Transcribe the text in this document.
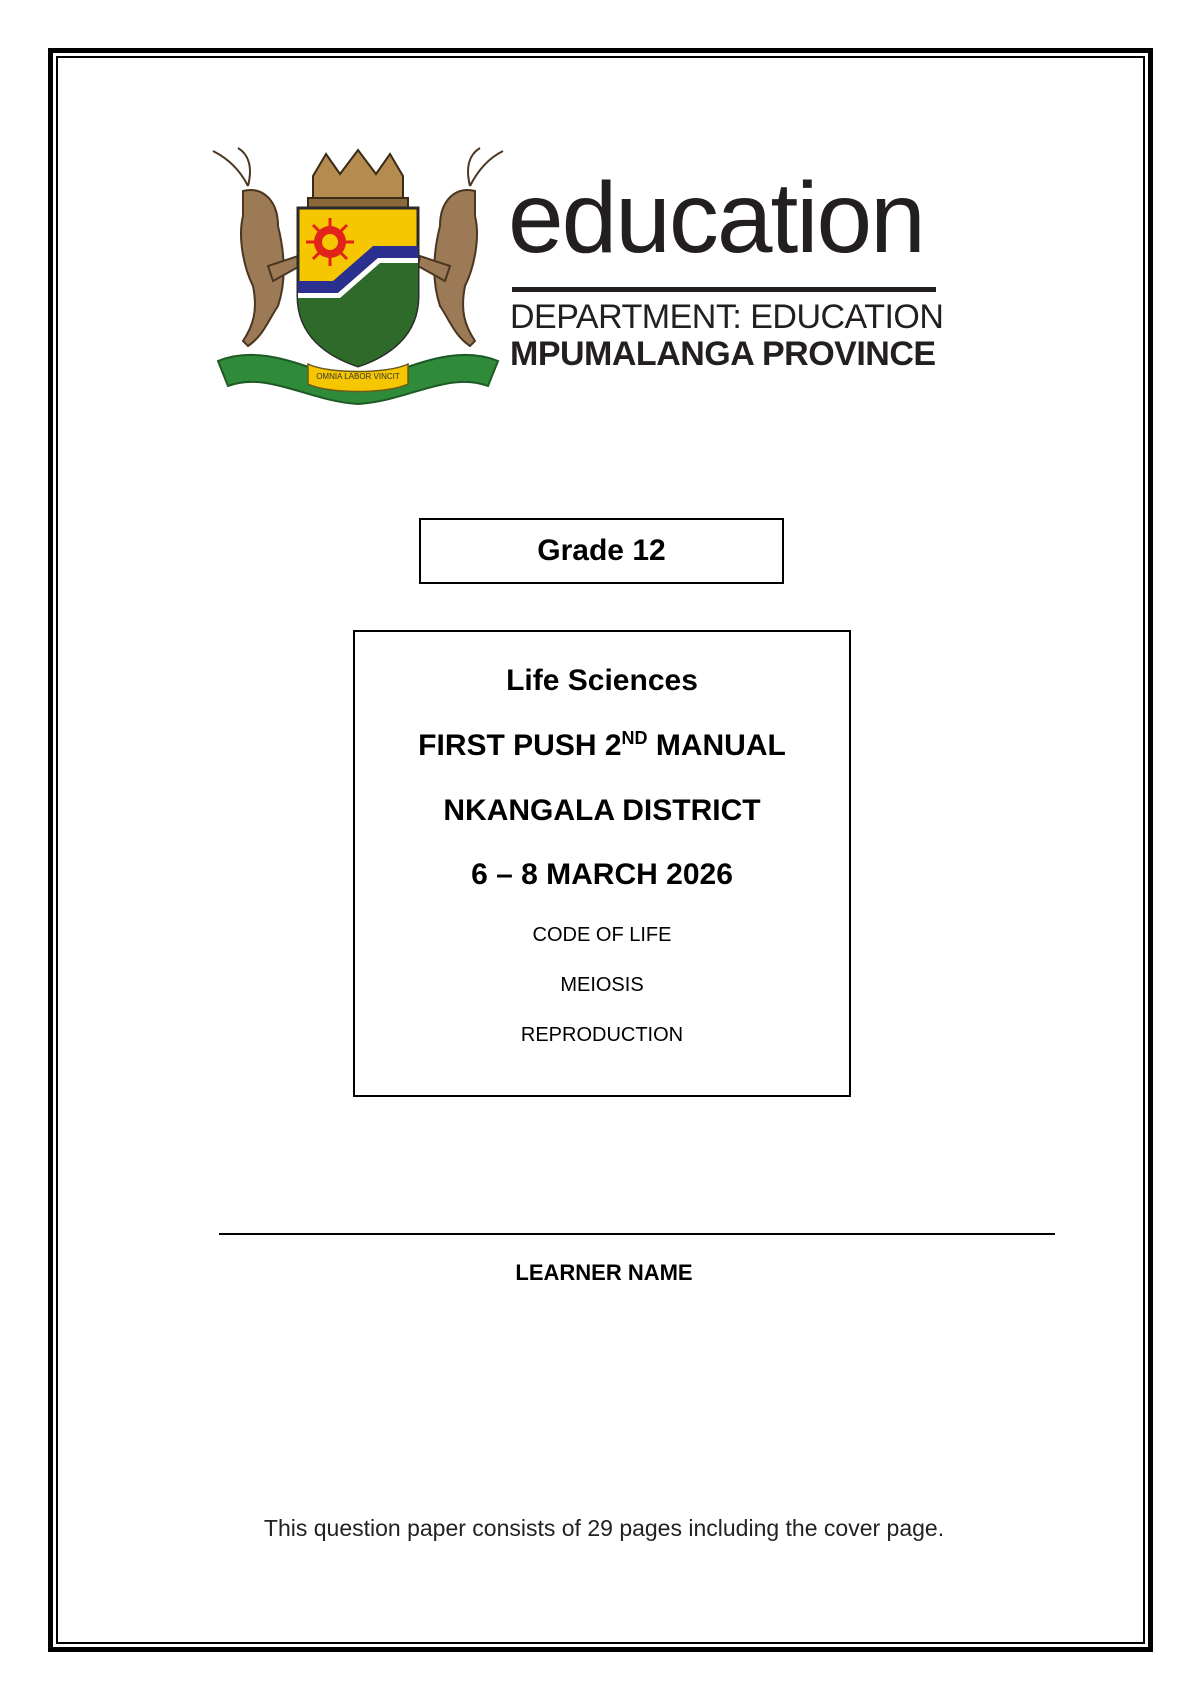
OMNIA LABOR VINCIT
education
DEPARTMENT: EDUCATION
MPUMALANGA PROVINCE
Grade 12
Life Sciences
FIRST PUSH 2ND MANUAL
NKANGALA DISTRICT
6 – 8 MARCH 2026
CODE OF LIFE
MEIOSIS
REPRODUCTION
LEARNER NAME
This question paper consists of 29 pages including the cover page.
